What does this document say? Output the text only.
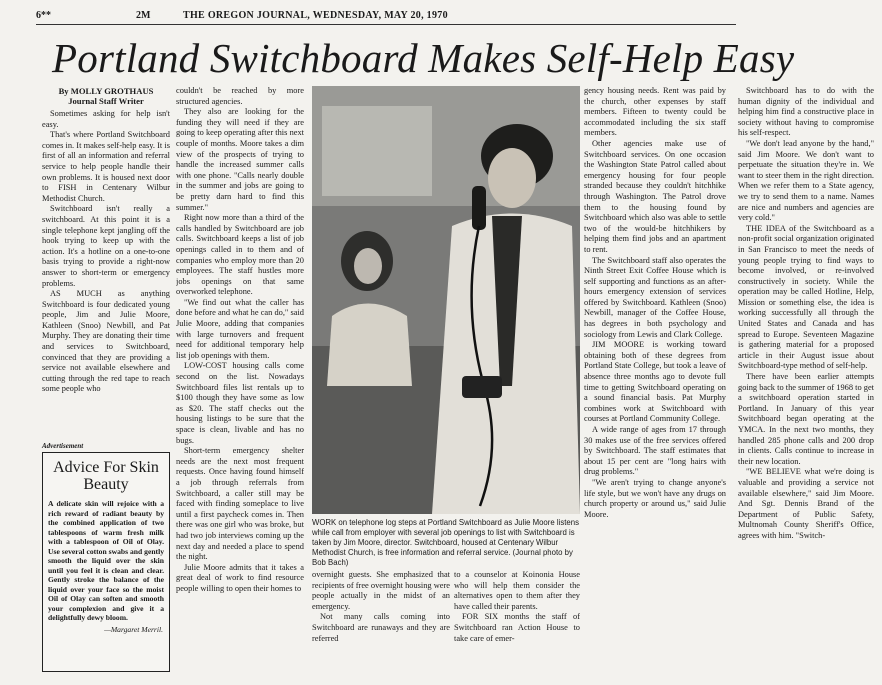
6**	2M	THE OREGON JOURNAL, WEDNESDAY, MAY 20, 1970
Portland Switchboard Makes Self-Help Easy
By MOLLY GROTHAUS
Journal Staff Writer

Sometimes asking for help isn't easy.

That's where Portland Switchboard comes in. It makes self-help easy. It is first of all an information and referral service to help people handle their own problems. It is housed next door to FISH in Centenary Wilbur Methodist Church.

Switchboard isn't really a switchboard. At this point it is a single telephone kept jangling off the hook trying to keep up with the action. It's a hotline on a one-to-one basis trying to provide a right-now answer to short-term or emergency problems.

AS MUCH as anything Switchboard is four dedicated young people, Jim and Julie Moore, Kathleen (Snoo) Newbill, and Pat Murphy. They are donating their time and services to Switchboard, convinced that they are providing a service not available elsewhere and cutting through the red tape to reach some people who

Advertisement
Advice For Skin Beauty
A delicate skin will rejoice with a rich reward of radiant beauty by the combined application of two tablespoons of warm fresh milk with a tablespoon of Oil of Olay. Use several cotton swabs and gently smooth the liquid over the skin until you feel it is clean and clear. Gently stroke the balance of the liquid over your face so the moist Oil of Olay can soften and smooth your complexion and give it a delightfully dewy bloom.
—Margaret Merril.

couldn't be reached by more structured agencies.

They also are looking for the funding they will need if they are going to keep operating after this next couple of months. Moore takes a dim view of the prospects of trying to handle the increased summer calls with one phone. "Calls nearly double in the summer and jobs are going to be pretty darn hard to find this summer."

Right now more than a third of the calls handled by Switchboard are job calls. Switchboard keeps a list of job openings called in to them and of companies who employ more than 20 employees. The staff hustles more jobs openings on that same overworked telephone.

"We find out what the caller has done before and what he can do," said Julie Moore, adding that companies with large turnovers and frequent need for additional temporary help list job openings with them.

LOW-COST housing calls come second on the list. Nowadays Switchboard files list rentals up to $100 though they have some as low as $20. The staff checks out the housing listings to be sure that the space is clean, livable and has no bugs.

Short-term emergency shelter needs are the next most frequent requests. Once having found himself a job through referrals from Switchboard, a caller still may be faced with finding someplace to live until a first paycheck comes in. Then there was one girl who was broke, but had two job interviews coming up the next day and needed a place to spend the night.

Julie Moore admits that it takes a great deal of work to find resource people willing to open their homes to

WORK on telephone log steps at Portland Switchboard as Julie Moore listens while call from employer with several job openings to list with Switchboard is taken by Jim Moore, director. Switchboard, housed at Centenary Wilbur Methodist Church, is free information and referral service. (Journal photo by Bob Bach)

overnight guests. She emphasized that recipients of free overnight housing were people actually in the midst of an emergency.

Not many calls coming into Switchboard are runaways and they are referred

to a counselor at Koinonia House who will help them consider the alternatives open to them after they have called their parents.

FOR SIX months the staff of Switchboard ran Action House to take care of emer-

gency housing needs. Rent was paid by the church, other expenses by staff members. Fifteen to twenty could be accommodated including the six staff members.

Other agencies make use of Switchboard services. On one occasion the Washington State Patrol called about emergency housing for four people stranded because they couldn't hitchhike through Washington. The Patrol drove them to the housing found by Switchboard which also was able to settle two of the would-be hitchhikers by helping them find jobs and an apartment to rent.

The Switchboard staff also operates the Ninth Street Exit Coffee House which is self supporting and functions as an after-hours emergency extension of services offered by Switchboard. Kathleen (Snoo) Newbill, manager of the Coffee House, has degrees in both psychology and sociology from Lewis and Clark College.

JIM MOORE is working toward obtaining both of these degrees from Portland State College, but took a leave of absence three months ago to devote full time to getting Switchboard operating on a sound financial basis. Pat Murphy combines work at Switchboard with courses at Portland Community College.

A wide range of ages from 17 through 30 makes use of the free services offered by Switchboard. The staff estimates that about 15 per cent are "long hairs with drug problems."

"We aren't trying to change anyone's life style, but we won't have any drugs on church property or around us," said Julie Moore.

Switchboard has to do with the human dignity of the individual and helping him find a constructive place in society without having to compromise his self-respect.

"We don't lead anyone by the hand," said Jim Moore. We don't want to perpetuate the situation they're in. We want to steer them in the right direction. When we refer them to a State agency, we try to send them to a name. Names are nice and numbers and agencies are very cold."

THE IDEA of the Switchboard as a non-profit social organization originated in San Francisco to meet the needs of young people trying to find ways to become involved, or re-involved constructively in society. While the operation may be called Hotline, Help, Mission or something else, the idea is working successfully all through the United States and Canada and has spread to Europe. Seventeen Magazine is gathering material for a proposed article in their August issue about Switchboard-type method of self-help.

There have been earlier attempts going back to the summer of 1968 to get a switchboard operation started in Portland. In January of this year Switchboard began operating at the YMCA. In the next two months, they handled 285 phone calls and 200 drop in clients. Calls continue to increase in their new location.

"WE BELIEVE what we're doing is valuable and providing a service not available elsewhere," said Jim Moore. And Sgt. Dennis Brand of the Department of Public Safety, Multnomah County Sheriff's Office, agrees with him. "Switch-
